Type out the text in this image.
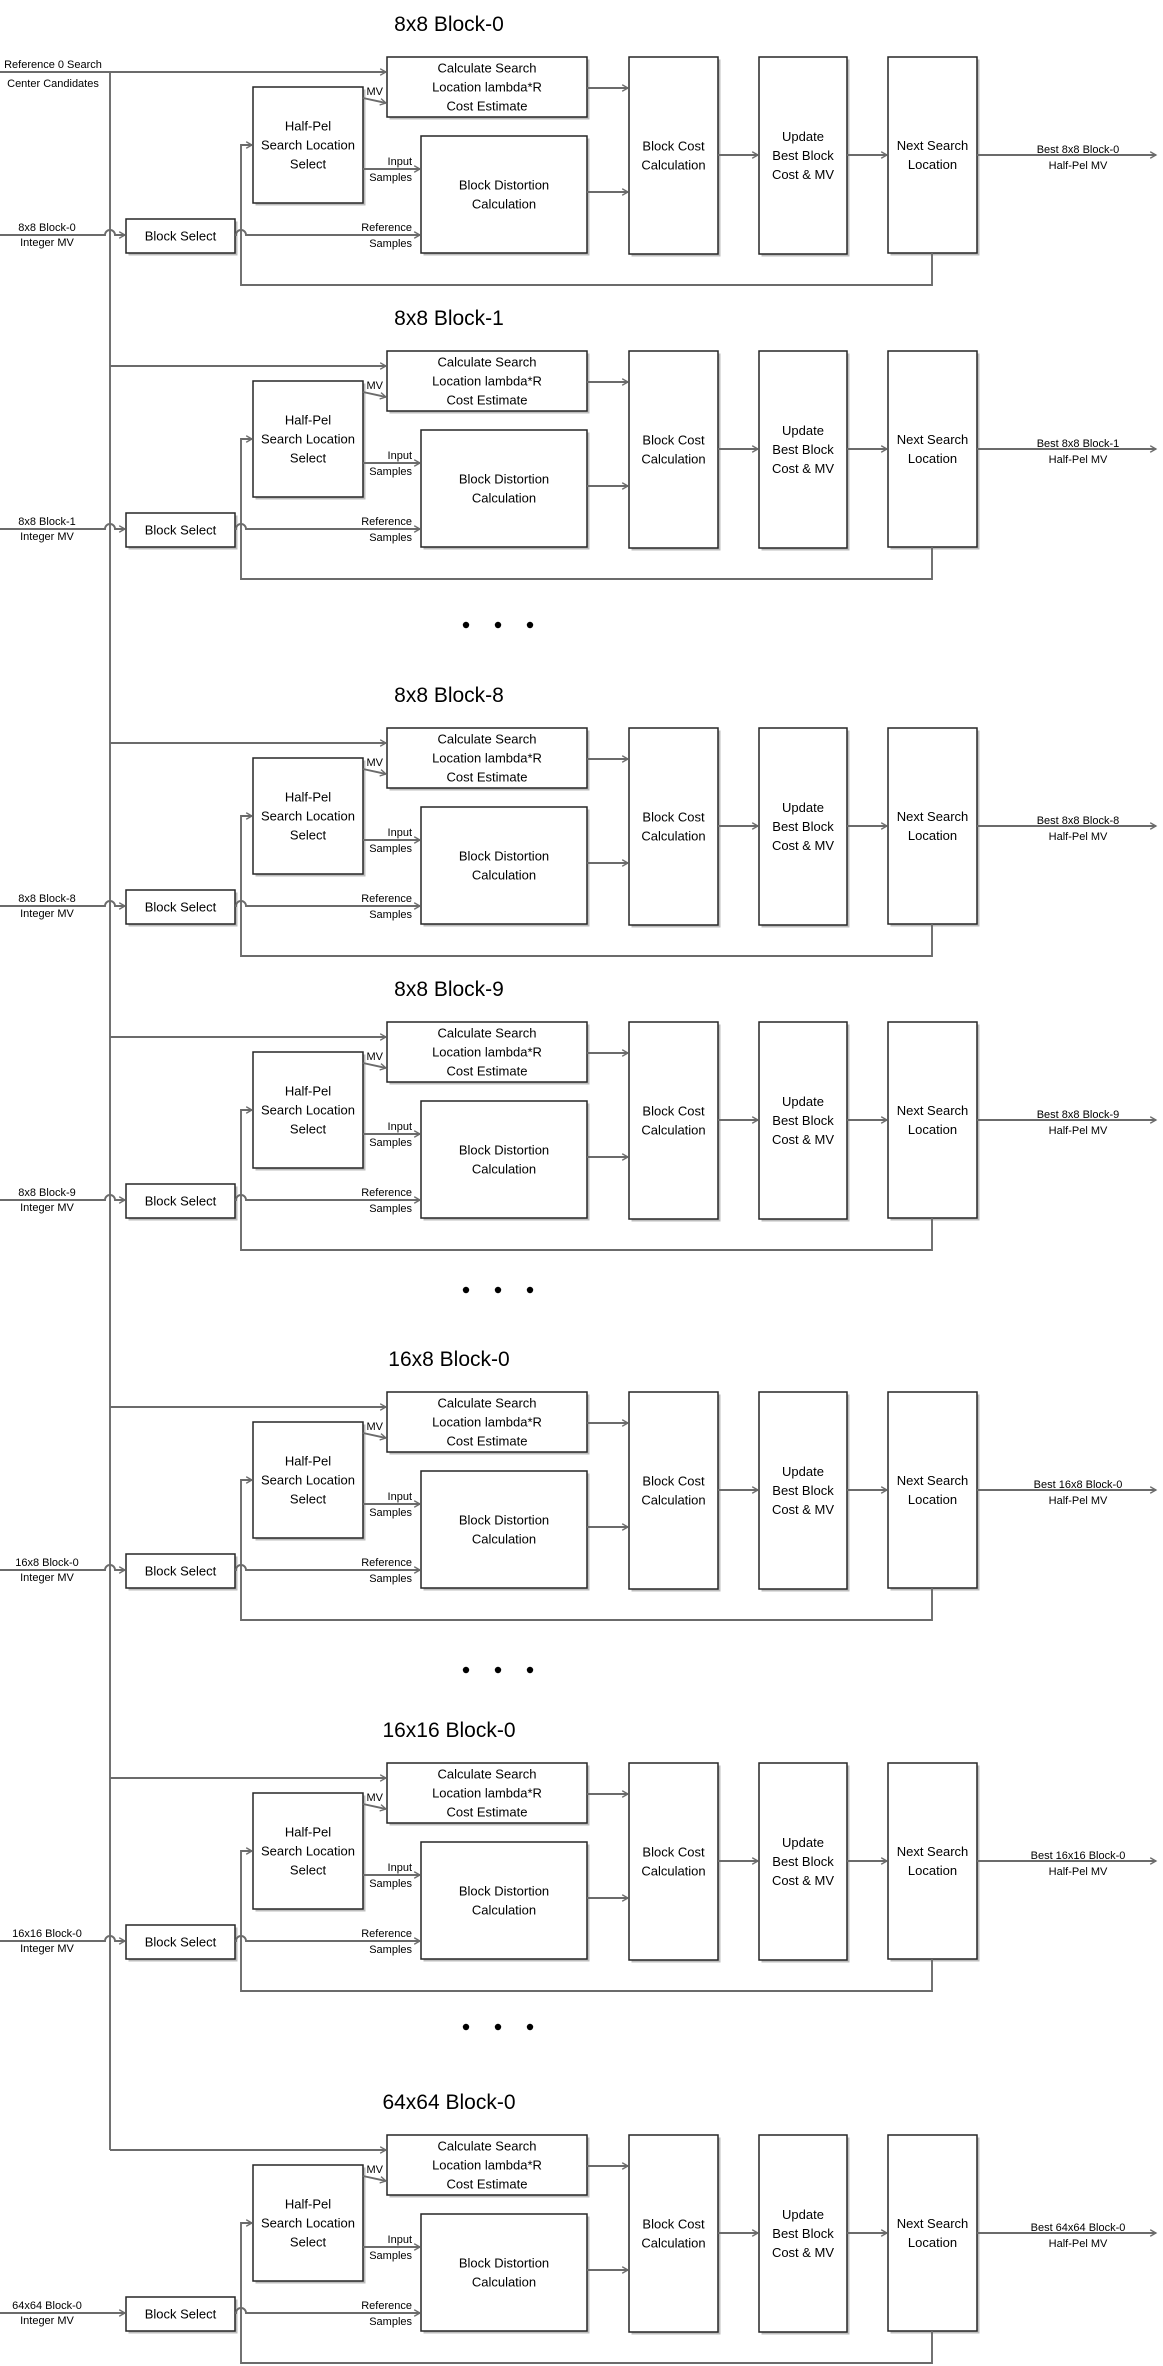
Reference 0 Search
Center Candidates
8x8 Block-0
Calculate Search
Location lambda*R
Cost Estimate
Half-Pel
Search Location
Select
Block Distortion
Calculation
Block Select
Block Cost
Calculation
Update
Best Block
Cost & MV
Next Search
Location
MV
Input
Samples
Reference
Samples
8x8 Block-0
Integer MV
Best 8x8 Block-0
Half-Pel MV
8x8 Block-1
Calculate Search
Location lambda*R
Cost Estimate
Half-Pel
Search Location
Select
Block Distortion
Calculation
Block Select
Block Cost
Calculation
Update
Best Block
Cost & MV
Next Search
Location
MV
Input
Samples
Reference
Samples
8x8 Block-1
Integer MV
Best 8x8 Block-1
Half-Pel MV
8x8 Block-8
Calculate Search
Location lambda*R
Cost Estimate
Half-Pel
Search Location
Select
Block Distortion
Calculation
Block Select
Block Cost
Calculation
Update
Best Block
Cost & MV
Next Search
Location
MV
Input
Samples
Reference
Samples
8x8 Block-8
Integer MV
Best 8x8 Block-8
Half-Pel MV
8x8 Block-9
Calculate Search
Location lambda*R
Cost Estimate
Half-Pel
Search Location
Select
Block Distortion
Calculation
Block Select
Block Cost
Calculation
Update
Best Block
Cost & MV
Next Search
Location
MV
Input
Samples
Reference
Samples
8x8 Block-9
Integer MV
Best 8x8 Block-9
Half-Pel MV
16x8 Block-0
Calculate Search
Location lambda*R
Cost Estimate
Half-Pel
Search Location
Select
Block Distortion
Calculation
Block Select
Block Cost
Calculation
Update
Best Block
Cost & MV
Next Search
Location
MV
Input
Samples
Reference
Samples
16x8 Block-0
Integer MV
Best 16x8 Block-0
Half-Pel MV
16x16 Block-0
Calculate Search
Location lambda*R
Cost Estimate
Half-Pel
Search Location
Select
Block Distortion
Calculation
Block Select
Block Cost
Calculation
Update
Best Block
Cost & MV
Next Search
Location
MV
Input
Samples
Reference
Samples
16x16 Block-0
Integer MV
Best 16x16 Block-0
Half-Pel MV
64x64 Block-0
Calculate Search
Location lambda*R
Cost Estimate
Half-Pel
Search Location
Select
Block Distortion
Calculation
Block Select
Block Cost
Calculation
Update
Best Block
Cost & MV
Next Search
Location
MV
Input
Samples
Reference
Samples
64x64 Block-0
Integer MV
Best 64x64 Block-0
Half-Pel MV
